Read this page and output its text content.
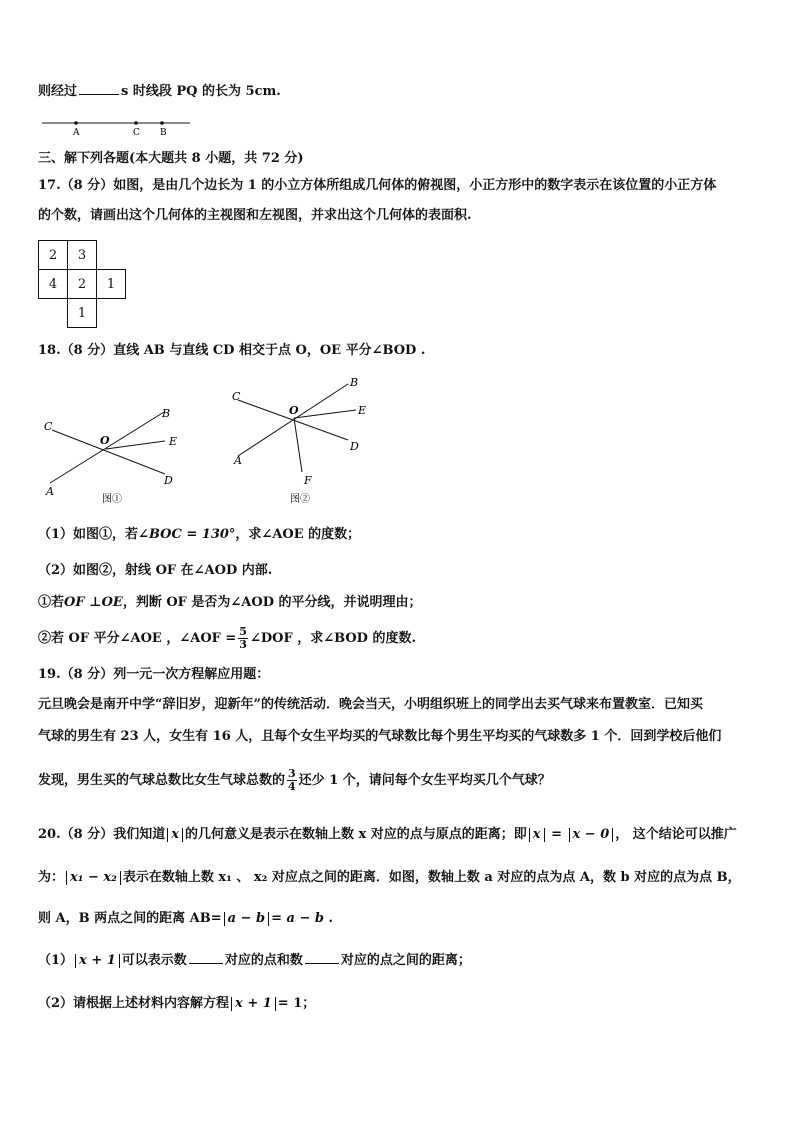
则经过	s 时线段 PQ 的长为 5cm.
A	C B
三、解下列各题(本大题共 8 小题，共 72 分)
17.（8 分）如图，是由几个边长为 1 的小立方体所组成几何体的俯视图，小正方形中的数字表示在该位置的小正方体
的个数，请画出这个几何体的主视图和左视图，并求出这个几何体的表面积.
2	3	
4	2	1
	1	
18.（8 分）直线 AB 与直线 CD 相交于点 O，OE 平分∠BOD .
C
O
B
E
A
D
图①
C
O
B
E
A
D
F
图②
（1）如图①，若∠BOC = 130°，求∠AOE 的度数；
（2）如图②，射线 OF 在∠AOD 内部.
①若OF ⊥OE，判断 OF 是否为∠AOD 的平分线，并说明理由；
②若 OF 平分∠AOE ，∠AOF = $\frac{5}{3}$ ∠DOF ，求∠BOD 的度数.
19.（8 分）列一元一次方程解应用题：
元旦晚会是南开中学“辞旧岁，迎新年”的传统活动．晚会当天，小明组织班上的同学出去买气球来布置教室．已知买
气球的男生有 23 人，女生有 16 人，且每个女生平均买的气球数比每个男生平均买的气球数多 1 个．回到学校后他们
发现，男生买的气球总数比女生气球总数的 $\frac{3}{4}$ 还少 1 个，请问每个女生平均买几个气球？
20.（8 分）我们知道 x 的几何意义是表示在数轴上数 x 对应的点与原点的距离；即 x = x − 0 ， 这个结论可以推广
为： x₁ − x₂ 表示在数轴上数 x₁ 、 x₂ 对应点之间的距离．如图，数轴上数 a 对应的点为点 A，数 b 对应的点为点 B，
则 A，B 两点之间的距离 AB= a − b = a − b .
（1） x + 1 可以表示数	对应的点和数	对应的点之间的距离；
（2）请根据上述材料内容解方程 x + 1 = 1；
